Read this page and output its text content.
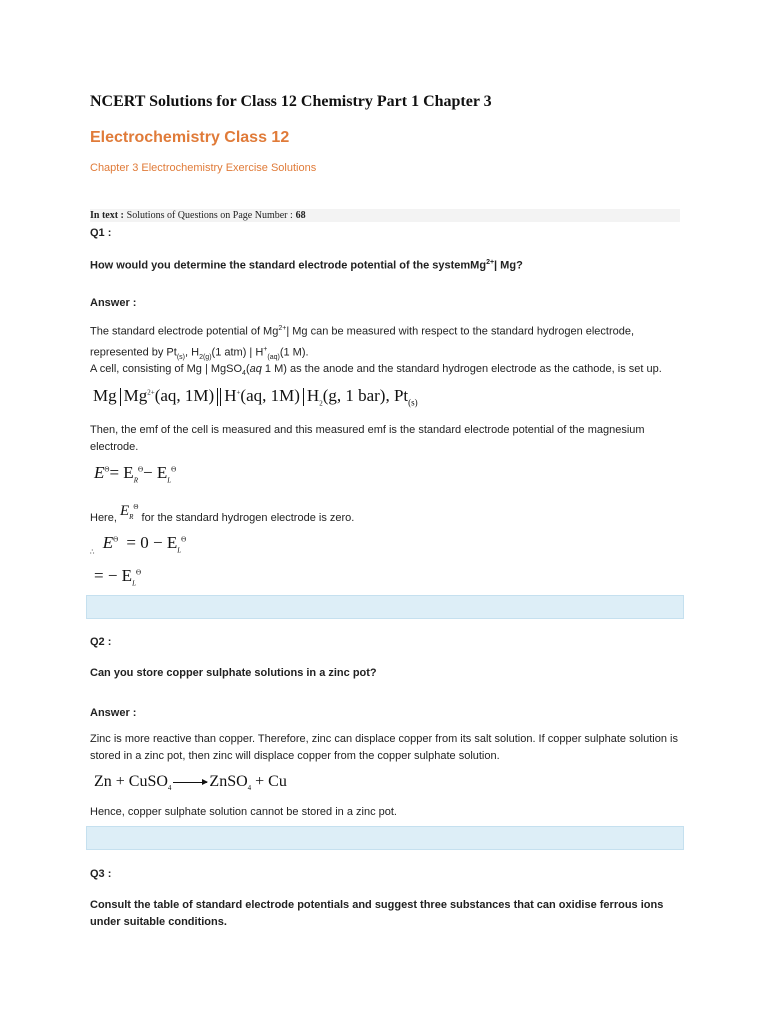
NCERT Solutions for Class 12 Chemistry Part 1 Chapter 3
Electrochemistry Class 12
Chapter 3 Electrochemistry Exercise Solutions
In text : Solutions of Questions on Page Number : 68
Q1 :
How would you determine the standard electrode potential of the systemMg$^{2+}$| Mg?
Answer :
The standard electrode potential of $Mg^{2+}|$ Mg can be measured with respect to the standard hydrogen electrode, represented by $Pt_{(s)}$, $H_{2(g)}(1$ atm) | $H^+_{(aq)}(1$ M).
A cell, consisting of Mg | MgSO$_4$(aq 1 M) as the anode and the standard hydrogen electrode as the cathode, is set up.
Mg $Mg^{2+}(aq$, 1M) H+(aq, 1M) $H_2(g$, 1 bar), $Pt_{(s)}$
Then, the emf of the cell is measured and this measured emf is the standard electrode potential of the magnesium electrode.
$E^\Theta= E_R^\Theta- E_L^\Theta$
Here, $E_R^\Theta$ for the standard hydrogen electrode is zero.
$_\therefore$ $E^\Theta = 0 - E_L^\Theta$
= − $E_L^\Theta$
Q2 :
Can you store copper sulphate solutions in a zinc pot?
Answer :
Zinc is more reactive than copper. Therefore, zinc can displace copper from its salt solution. If copper sulphate solution is stored in a zinc pot, then zinc will displace copper from the copper sulphate solution.
Zn + CuSO$_4$ → ZnSO$_4$ + Cu
Hence, copper sulphate solution cannot be stored in a zinc pot.
Q3 :
Consult the table of standard electrode potentials and suggest three substances that can oxidise ferrous ions under suitable conditions.
